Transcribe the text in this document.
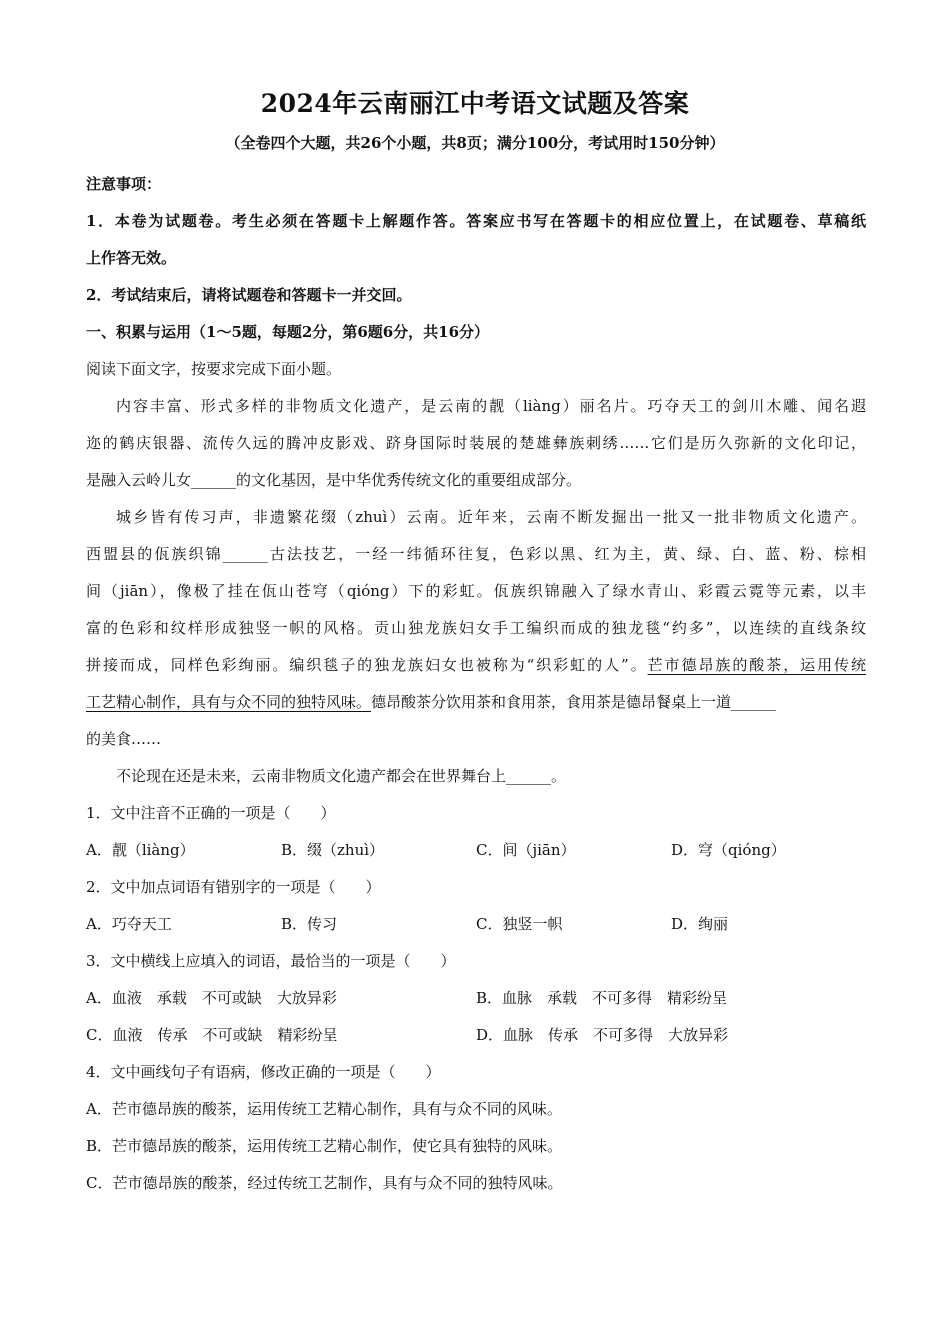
2024年云南丽江中考语文试题及答案
（全卷四个大题，共26个小题，共8页；满分100分，考试用时150分钟）
注意事项：
1．本卷为试题卷。考生必须在答题卡上解题作答。答案应书写在答题卡的相应位置上，在试题卷、草稿纸
上作答无效。
2．考试结束后，请将试题卷和答题卡一并交回。
一、积累与运用（1～5题，每题2分，第6题6分，共16分）
阅读下面文字，按要求完成下面小题。
内容丰富、形式多样的非物质文化遗产，是云南的靓（liàng）丽名片。巧夺天工的剑川木雕、闻名遐
迩的鹤庆银器、流传久远的腾冲皮影戏、跻身国际时装展的楚雄彝族刺绣……它们是历久弥新的文化印记，
是融入云岭儿女______的文化基因，是中华优秀传统文化的重要组成部分。
城乡皆有传习声，非遗繁花缀（zhuì）云南。近年来，云南不断发掘出一批又一批非物质文化遗产。
西盟县的佤族织锦______古法技艺，一经一纬循环往复，色彩以黑、红为主，黄、绿、白、蓝、粉、棕相
间（jiān），像极了挂在佤山苍穹（qióng）下的彩虹。佤族织锦融入了绿水青山、彩霞云霓等元素，以丰
富的色彩和纹样形成独竖一帜的风格。贡山独龙族妇女手工编织而成的独龙毯“约多”，以连续的直线条纹
拼接而成，同样色彩绚丽。编织毯子的独龙族妇女也被称为“织彩虹的人”。芒市德昂族的酸茶，运用传统
工艺精心制作，具有与众不同的独特风味。德昂酸茶分饮用茶和食用茶，食用茶是德昂餐桌上一道______
的美食……
不论现在还是未来，云南非物质文化遗产都会在世界舞台上______。
1．文中注音不正确的一项是（　　）
A．靓（liàng）	B．缀（zhuì）	C．间（jiān）	D．穹（qióng）
2．文中加点词语有错别字的一项是（　　）
A．巧夺天工	B．传习	C．独竖一帜	D．绚丽
3．文中横线上应填入的词语，最恰当的一项是（　　）
A．血液　承载　不可或缺　大放异彩	B．血脉　承载　不可多得　精彩纷呈
C．血液　传承　不可或缺　精彩纷呈	D．血脉　传承　不可多得　大放异彩
4．文中画线句子有语病，修改正确的一项是（　　）
A．芒市德昂族的酸茶，运用传统工艺精心制作，具有与众不同的风味。
B．芒市德昂族的酸茶，运用传统工艺精心制作，使它具有独特的风味。
C．芒市德昂族的酸茶，经过传统工艺制作，具有与众不同的独特风味。
